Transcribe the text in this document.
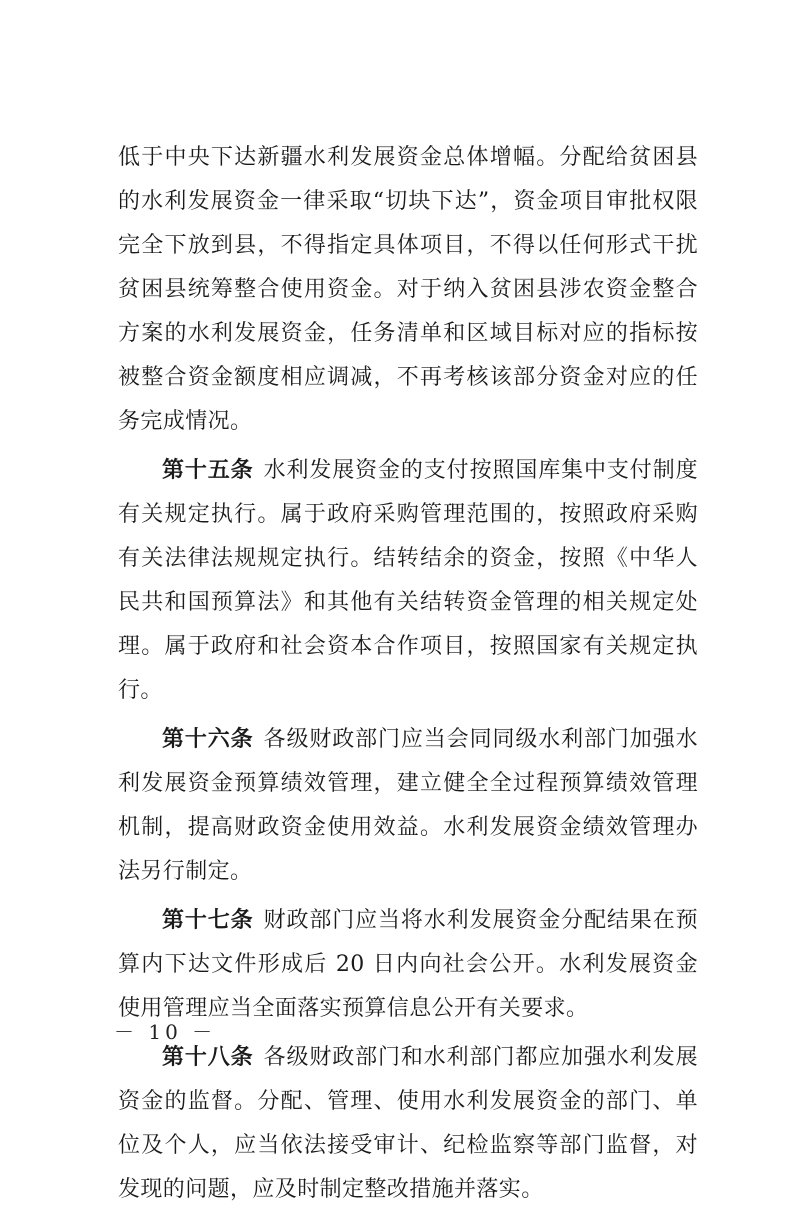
低于中央下达新疆水利发展资金总体增幅。分配给贫困县的水利发展资金一律采取“切块下达”，资金项目审批权限完全下放到县，不得指定具体项目，不得以任何形式干扰贫困县统筹整合使用资金。对于纳入贫困县涉农资金整合方案的水利发展资金，任务清单和区域目标对应的指标按被整合资金额度相应调减，不再考核该部分资金对应的任务完成情况。

第十五条 水利发展资金的支付按照国库集中支付制度有关规定执行。属于政府采购管理范围的，按照政府采购有关法律法规规定执行。结转结余的资金，按照《中华人民共和国预算法》和其他有关结转资金管理的相关规定处理。属于政府和社会资本合作项目，按照国家有关规定执行。

第十六条 各级财政部门应当会同同级水利部门加强水利发展资金预算绩效管理，建立健全全过程预算绩效管理机制，提高财政资金使用效益。水利发展资金绩效管理办法另行制定。

第十七条 财政部门应当将水利发展资金分配结果在预算内下达文件形成后 20 日内向社会公开。水利发展资金使用管理应当全面落实预算信息公开有关要求。

第十八条 各级财政部门和水利部门都应加强水利发展资金的监督。分配、管理、使用水利发展资金的部门、单位及个人，应当依法接受审计、纪检监察等部门监督，对发现的问题，应及时制定整改措施并落实。

－ 10 －
